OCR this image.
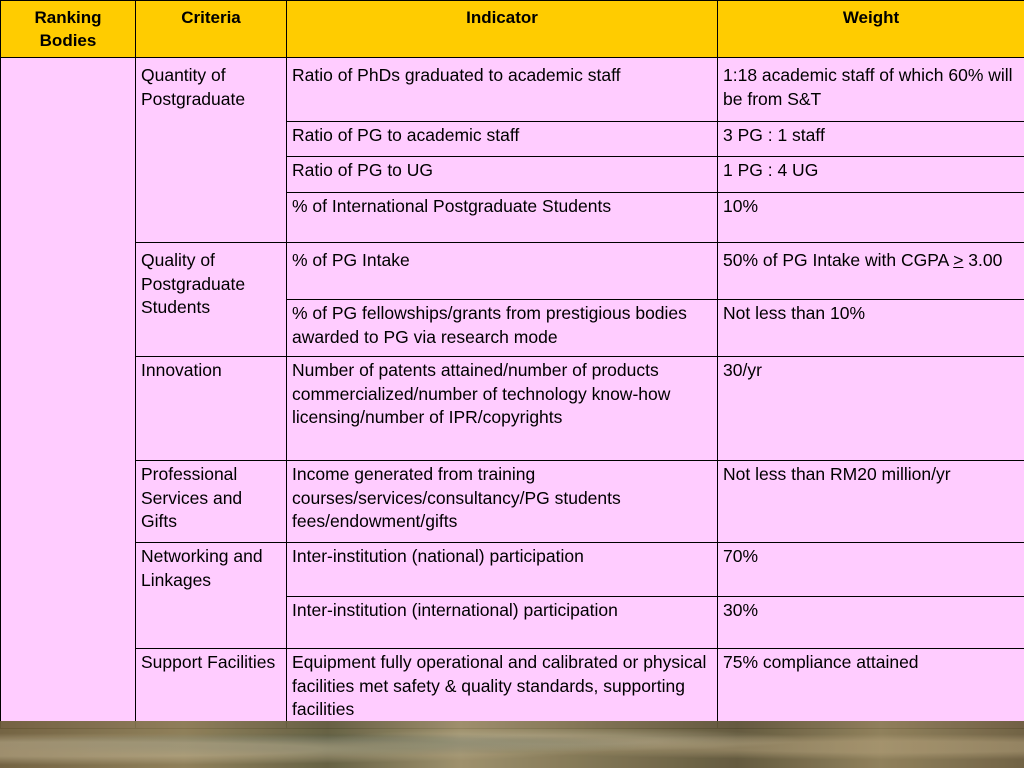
Ranking Bodies	Criteria	Indicator	Weight
	Quantity of Postgraduate	Ratio of PhDs graduated to academic staff	1:18 academic staff of which 60% will be from S&T
		Ratio of PG to academic staff	3 PG : 1 staff
		Ratio of PG to UG	1 PG : 4 UG
		% of International Postgraduate Students	10%
	Quality of Postgraduate Students	% of PG Intake	50% of PG Intake with CGPA ≥ 3.00
		% of PG fellowships/grants from prestigious bodies awarded to PG via research mode	Not less than 10%
	Innovation	Number of patents attained/number of products commercialized/number of technology know-how licensing/number of IPR/copyrights	30/yr
	Professional Services and Gifts	Income generated from training courses/services/consultancy/PG students fees/endowment/gifts	Not less than RM20 million/yr
	Networking and Linkages	Inter-institution (national) participation	70%
		Inter-institution (international) participation	30%
	Support Facilities	Equipment fully operational and calibrated or physical facilities met safety & quality standards, supporting facilities	75% compliance attained
